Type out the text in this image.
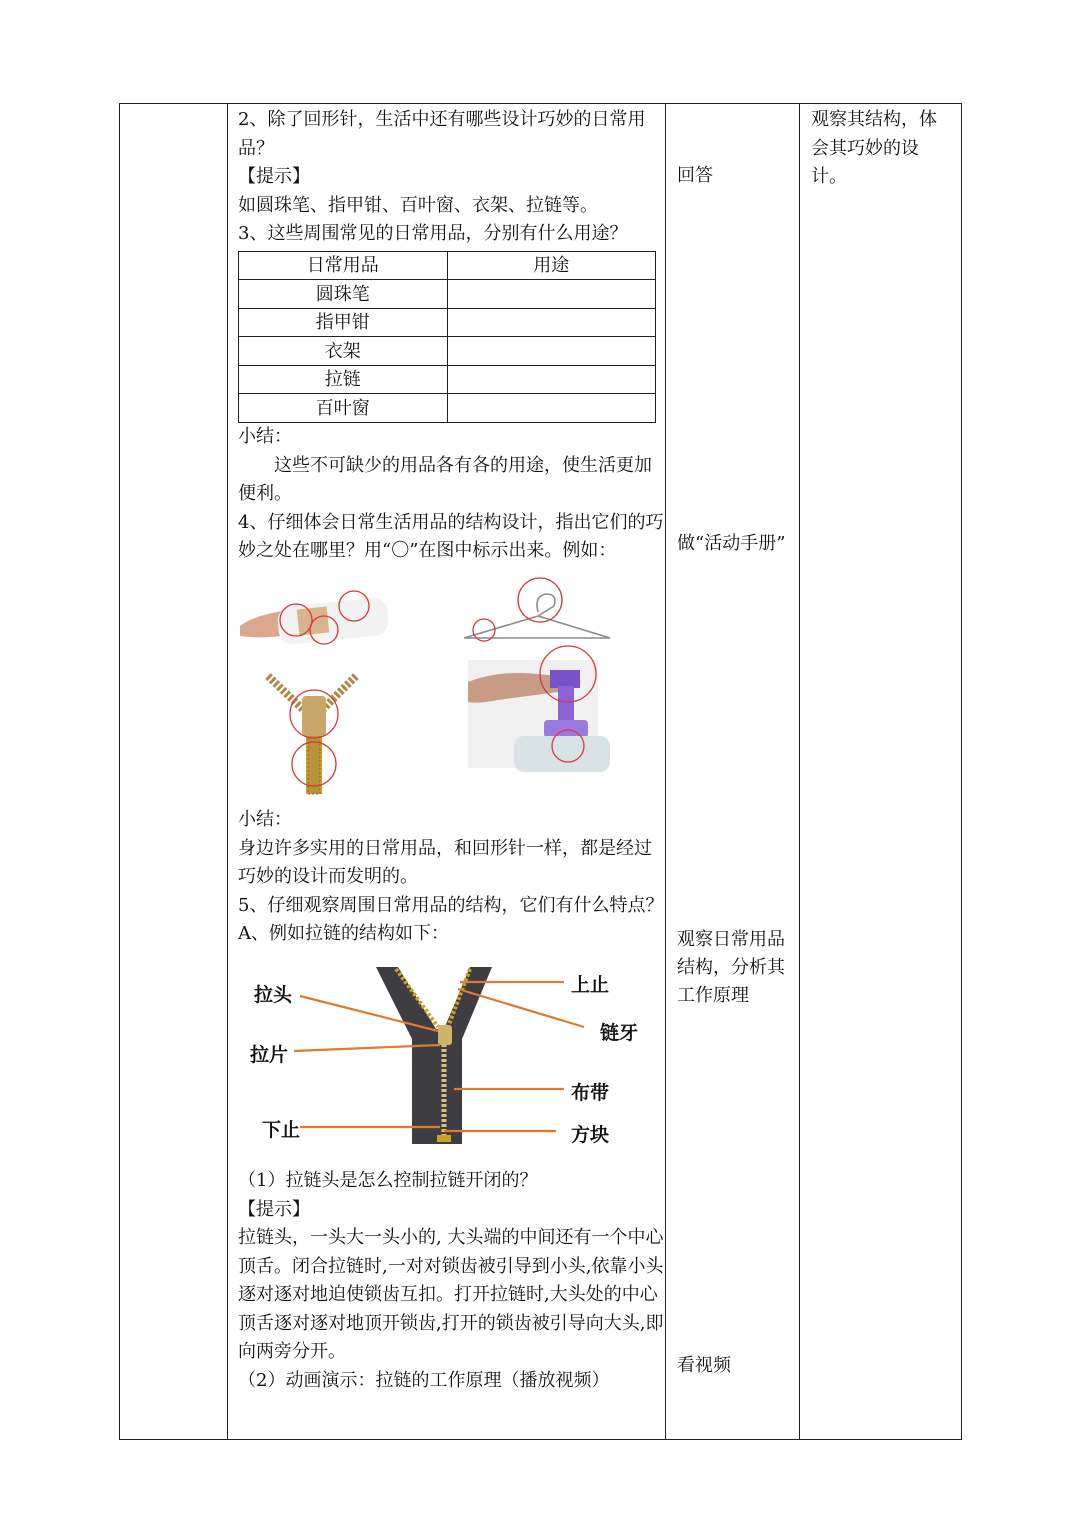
2、除了回形针，生活中还有哪些设计巧妙的日常用品？

【提示】

如圆珠笔、指甲钳、百叶窗、衣架、拉链等。

3、这些周围常见的日常用品，分别有什么用途？

日常用品	用途
圆珠笔	
指甲钳	
衣架	
拉链	
百叶窗	

小结：

这些不可缺少的用品各有各的用途，使生活更加便利。

4、仔细体会日常生活用品的结构设计，指出它们的巧妙之处在哪里？用“〇”在图中标示出来。例如：

小结：

身边许多实用的日常用品，和回形针一样，都是经过巧妙的设计而发明的。

5、仔细观察周围日常用品的结构，它们有什么特点？

A、例如拉链的结构如下：

拉头
拉片
下止
上止
链牙
布带
方块

（1）拉链头是怎么控制拉链开闭的？

【提示】

拉链头，一头大一头小的, 大头端的中间还有一个中心顶舌。闭合拉链时,一对对锁齿被引导到小头,依靠小头逐对逐对地迫使锁齿互扣。打开拉链时,大头处的中心顶舌逐对逐对地顶开锁齿,打开的锁齿被引导向大头,即向两旁分开。

（2）动画演示：拉链的工作原理（播放视频）

回答

做“活动手册”

观察日常用品结构，分析其工作原理

看视频

观察其结构，体会其巧妙的设计。
